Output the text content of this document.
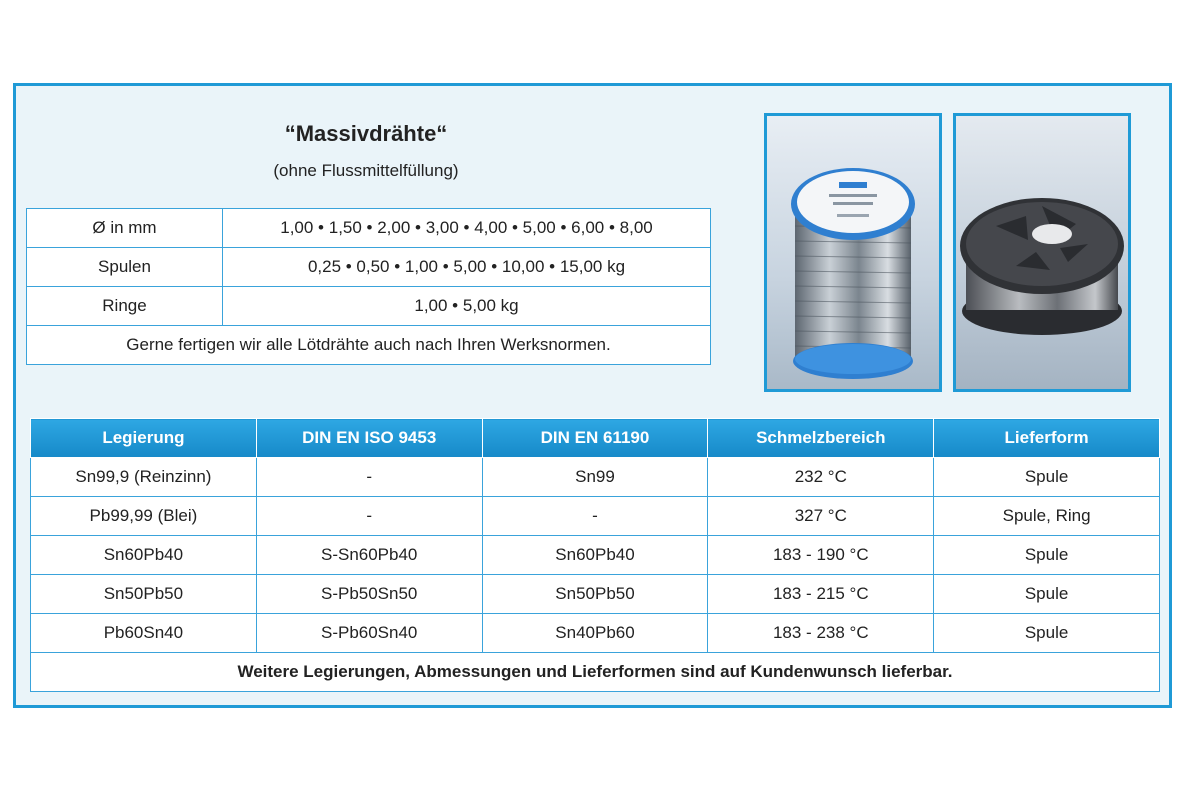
“Massivdrähte“
(ohne Flussmittelfüllung)
Ø in mm	1,00 • 1,50 • 2,00 • 3,00 • 4,00 • 5,00 • 6,00 • 8,00
Spulen	0,25 • 0,50 • 1,00 • 5,00 • 10,00 • 15,00 kg
Ringe	1,00 • 5,00 kg
Gerne fertigen wir alle Lötdrähte auch nach Ihren Werksnormen.	
Legierung	DIN EN ISO 9453	DIN EN 61190	Schmelzbereich	Lieferform
Sn99,9 (Reinzinn)	-	Sn99	232 °C	Spule
Pb99,99 (Blei)	-	-	327 °C	Spule, Ring
Sn60Pb40	S-Sn60Pb40	Sn60Pb40	183 - 190 °C	Spule
Sn50Pb50	S-Pb50Sn50	Sn50Pb50	183 - 215 °C	Spule
Pb60Sn40	S-Pb60Sn40	Sn40Pb60	183 - 238 °C	Spule
Weitere Legierungen, Abmessungen und Lieferformen sind auf Kundenwunsch lieferbar.				
